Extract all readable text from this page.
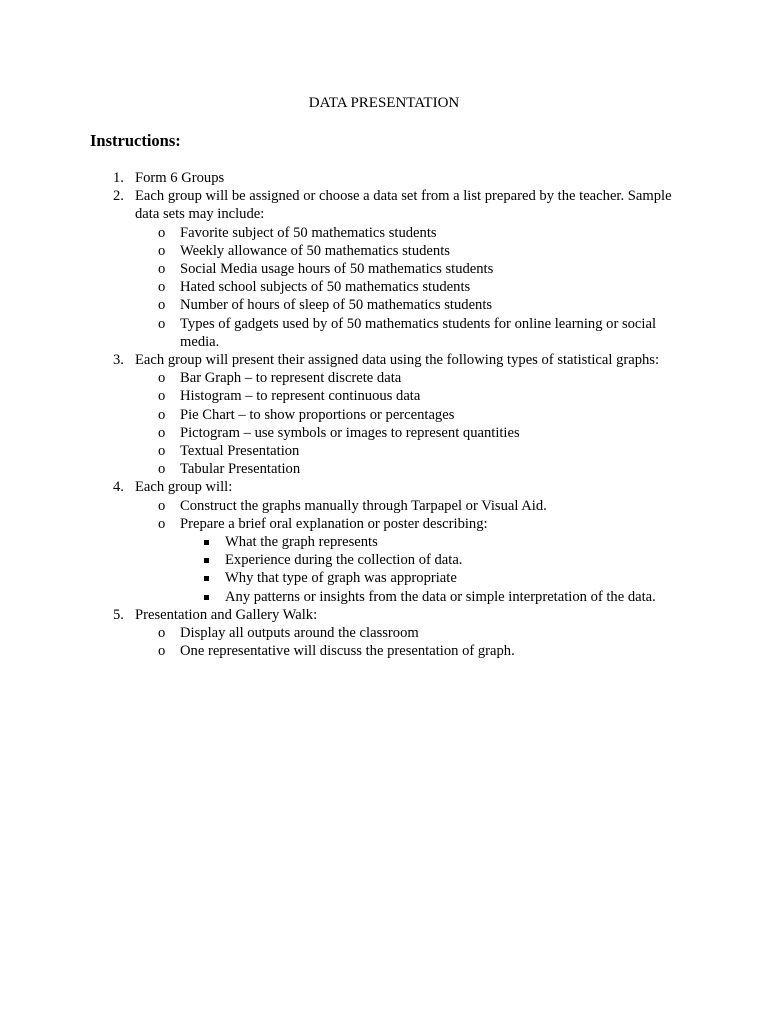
DATA PRESENTATION
Instructions:
1. Form 6 Groups
2. Each group will be assigned or choose a data set from a list prepared by the teacher. Sample data sets may include:
o Favorite subject of 50 mathematics students
o Weekly allowance of 50 mathematics students
o Social Media usage hours of 50 mathematics students
o Hated school subjects of 50 mathematics students
o Number of hours of sleep of 50 mathematics students
o Types of gadgets used by of 50 mathematics students for online learning or social media.
3. Each group will present their assigned data using the following types of statistical graphs:
o Bar Graph – to represent discrete data
o Histogram – to represent continuous data
o Pie Chart – to show proportions or percentages
o Pictogram – use symbols or images to represent quantities
o Textual Presentation
o Tabular Presentation
4. Each group will:
o Construct the graphs manually through Tarpapel or Visual Aid.
o Prepare a brief oral explanation or poster describing:
What the graph represents
Experience during the collection of data.
Why that type of graph was appropriate
Any patterns or insights from the data or simple interpretation of the data.
5. Presentation and Gallery Walk:
o Display all outputs around the classroom
o One representative will discuss the presentation of graph.
